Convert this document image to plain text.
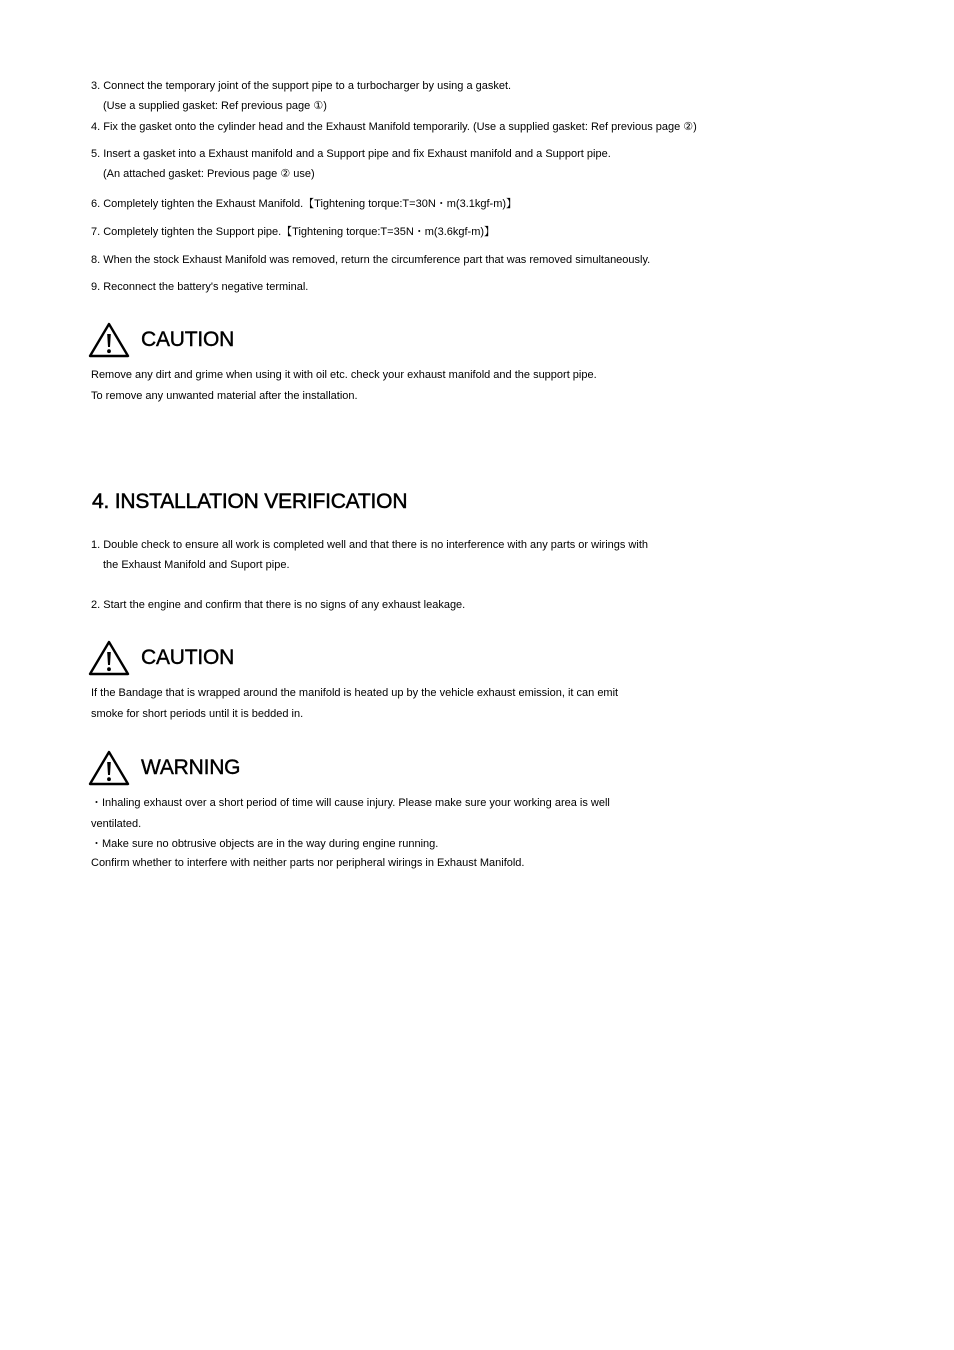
3. Connect the temporary joint of the support pipe to a turbocharger by using a gasket.
(Use a supplied gasket: Ref previous page ①)
4. Fix the gasket onto the cylinder head and the Exhaust Manifold temporarily. (Use a supplied gasket: Ref previous page ②)
5. Insert a gasket into a Exhaust manifold and a Support pipe and fix Exhaust manifold and a Support pipe.
(An attached gasket: Previous page ② use)
6. Completely tighten the Exhaust Manifold.【Tightening torque:T=30N・m(3.1kgf-m)】
7. Completely tighten the Support pipe.【Tightening torque:T=35N・m(3.6kgf-m)】
8. When the stock Exhaust Manifold was removed, return the circumference part that was removed simultaneously.
9. Reconnect the battery's negative terminal.
CAUTION
Remove any dirt and grime when using it with oil etc. check your exhaust manifold and the support pipe.
To remove any unwanted material after the installation.
4. INSTALLATION VERIFICATION
1. Double check to ensure all work is completed well and that there is no interference with any parts or wirings with
the Exhaust Manifold and Suport pipe.
2. Start the engine and confirm that there is no signs of any exhaust leakage.
CAUTION
If the Bandage that is wrapped around the manifold is heated up by the vehicle exhaust emission, it can emit
smoke for short periods until it is bedded in.
WARNING
・Inhaling exhaust over a short period of time will cause injury. Please make sure your working area is well
ventilated.
・Make sure no obtrusive objects are in the way during engine running.
Confirm whether to interfere with neither parts nor peripheral wirings in Exhaust Manifold.
